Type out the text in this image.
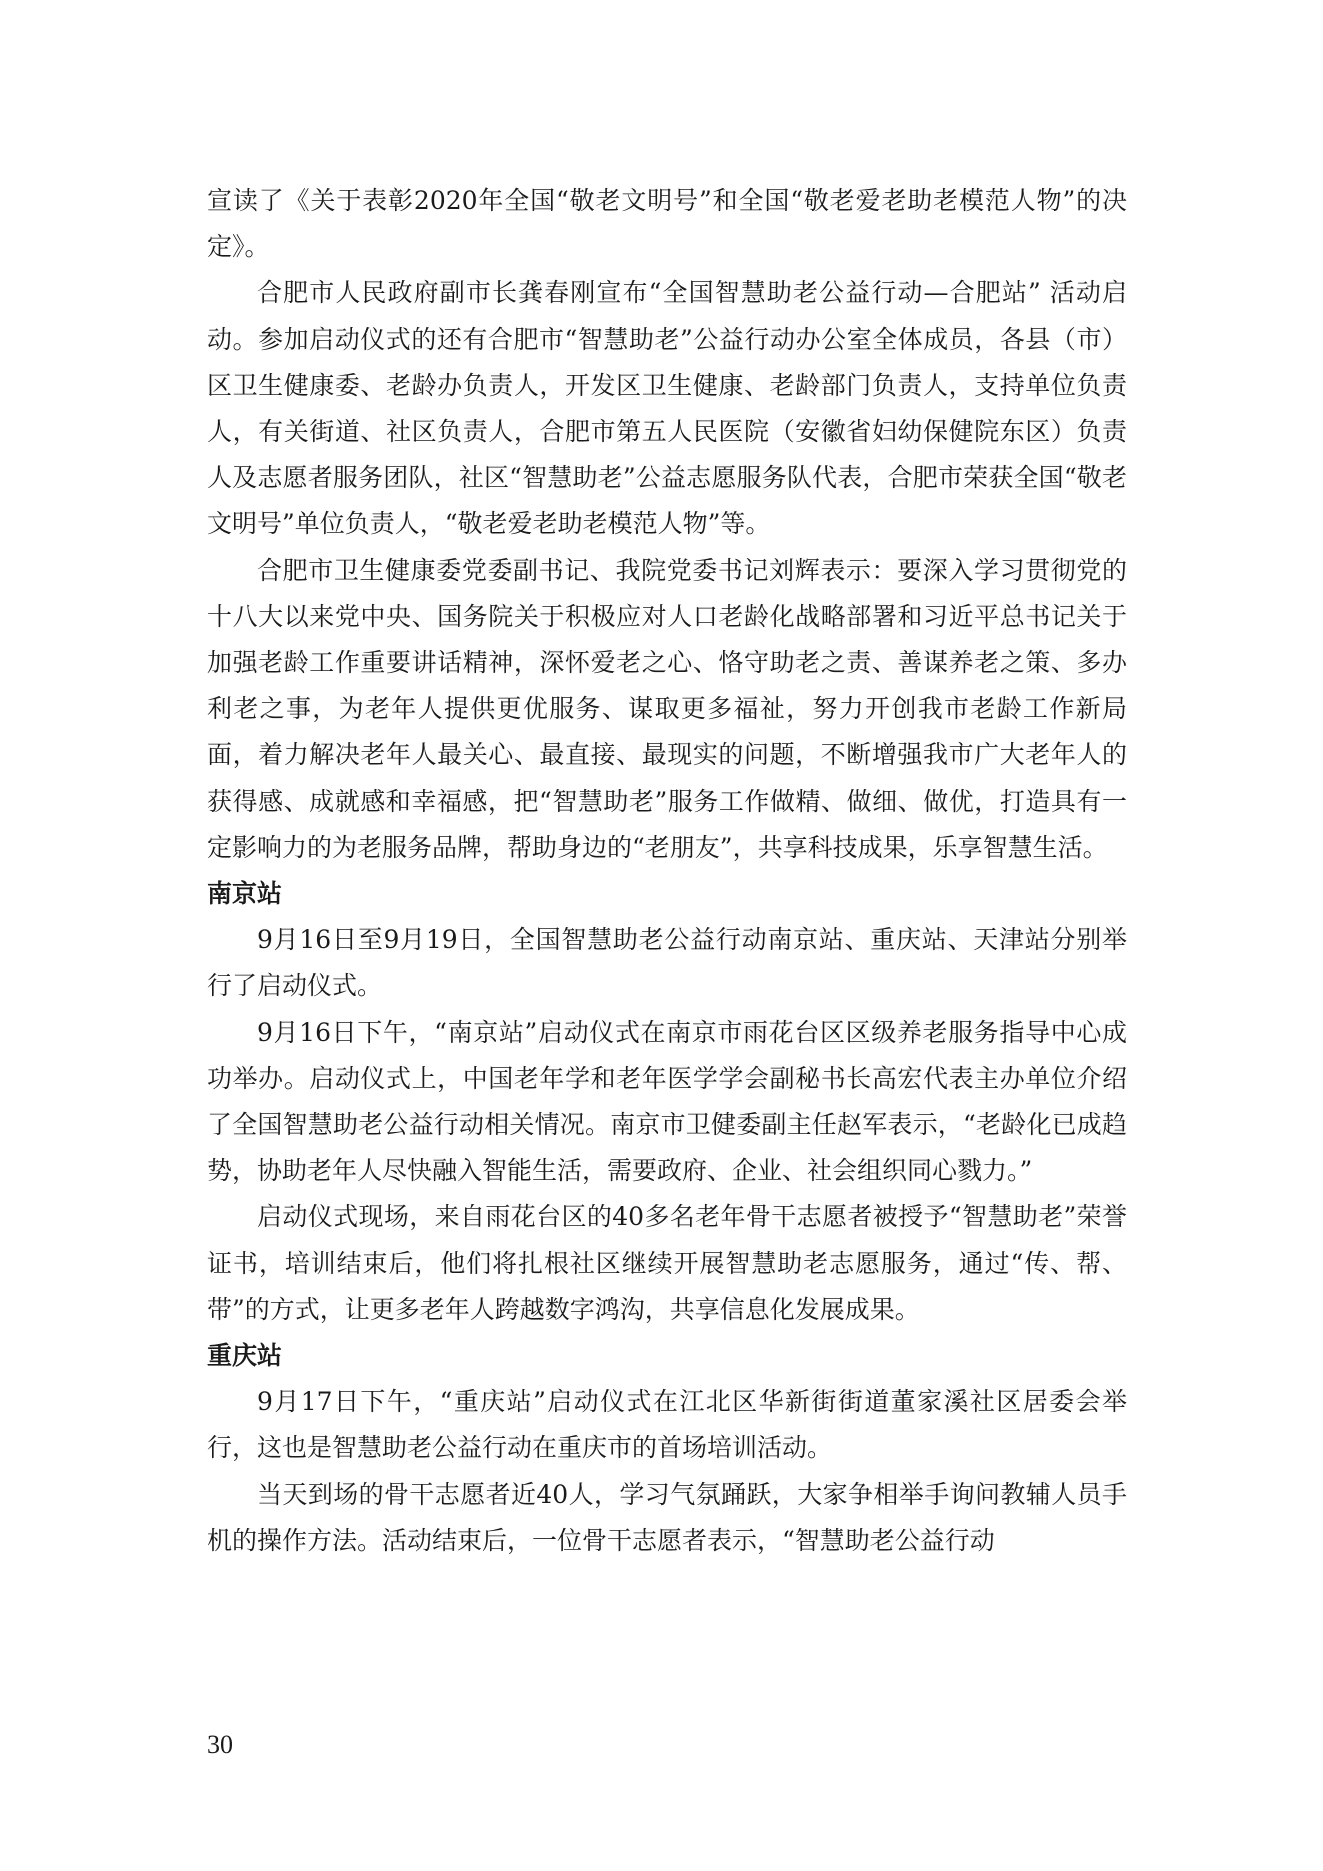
宣读了《关于表彰2020年全国“敬老文明号”和全国“敬老爱老助老模范人物”的决定》。

合肥市人民政府副市长龚春刚宣布“全国智慧助老公益行动—合肥站” 活动启动。参加启动仪式的还有合肥市“智慧助老”公益行动办公室全体成员，各县（市）区卫生健康委、老龄办负责人，开发区卫生健康、老龄部门负责人，支持单位负责人，有关街道、社区负责人，合肥市第五人民医院（安徽省妇幼保健院东区）负责人及志愿者服务团队，社区“智慧助老”公益志愿服务队代表，合肥市荣获全国“敬老文明号”单位负责人，“敬老爱老助老模范人物”等。

合肥市卫生健康委党委副书记、我院党委书记刘辉表示：要深入学习贯彻党的十八大以来党中央、国务院关于积极应对人口老龄化战略部署和习近平总书记关于加强老龄工作重要讲话精神，深怀爱老之心、恪守助老之责、善谋养老之策、多办利老之事，为老年人提供更优服务、谋取更多福祉，努力开创我市老龄工作新局面，着力解决老年人最关心、最直接、最现实的问题，不断增强我市广大老年人的获得感、成就感和幸福感，把“智慧助老”服务工作做精、做细、做优，打造具有一定影响力的为老服务品牌，帮助身边的“老朋友”，共享科技成果，乐享智慧生活。

南京站

9月16日至9月19日，全国智慧助老公益行动南京站、重庆站、天津站分别举行了启动仪式。

9月16日下午，“南京站”启动仪式在南京市雨花台区区级养老服务指导中心成功举办。启动仪式上，中国老年学和老年医学学会副秘书长高宏代表主办单位介绍了全国智慧助老公益行动相关情况。南京市卫健委副主任赵军表示，“老龄化已成趋势，协助老年人尽快融入智能生活，需要政府、企业、社会组织同心戮力。”

启动仪式现场，来自雨花台区的40多名老年骨干志愿者被授予“智慧助老”荣誉证书，培训结束后，他们将扎根社区继续开展智慧助老志愿服务，通过“传、帮、带”的方式，让更多老年人跨越数字鸿沟，共享信息化发展成果。

重庆站

9月17日下午，“重庆站”启动仪式在江北区华新街街道董家溪社区居委会举行，这也是智慧助老公益行动在重庆市的首场培训活动。

当天到场的骨干志愿者近40人，学习气氛踊跃，大家争相举手询问教辅人员手机的操作方法。活动结束后，一位骨干志愿者表示，“智慧助老公益行动

30
